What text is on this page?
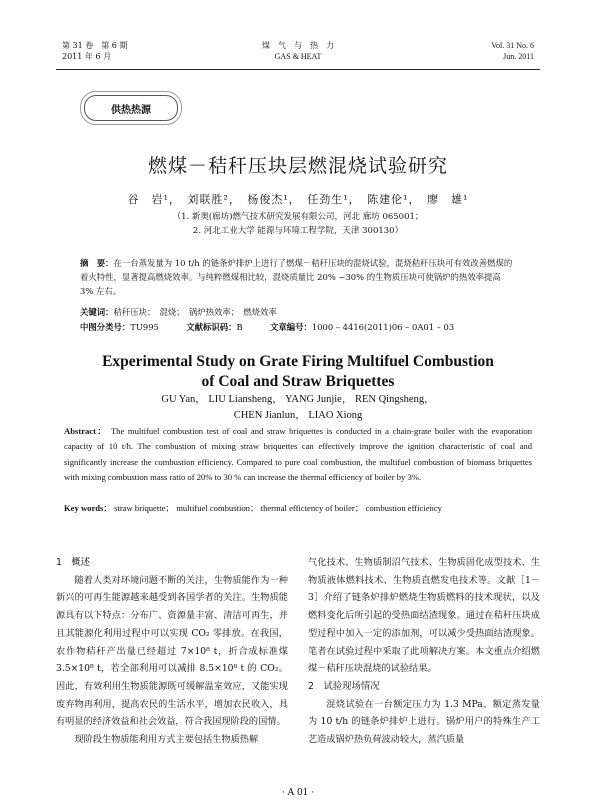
第 31 卷　第 6 期
2011 年 6 月
煤　气　与　热　力
GAS & HEAT
Vol. 31 No. 6
Jun. 2011
供热热源
燃煤－秸秆压块层燃混烧试验研究
谷　岩¹，　刘联胜²，　杨俊杰¹，　任劲生¹，　陈建伦¹，　廖　雄¹
（1. 新奥(廊坊)燃气技术研究发展有限公司，河北 廊坊 065001；
2. 河北工业大学 能源与环境工程学院，天津 300130）
摘　要：在一台蒸发量为 10 t/h 的链条炉排炉上进行了燃煤－秸秆压块的混烧试验，混烧秸秆压块可有效改善燃煤的着火特性，显著提高燃烧效率。与纯粹燃煤相比较，混烧质量比 20% ~30% 的生物质压块可使锅炉的热效率提高 3% 左右。
关键词：秸秆压块；　混烧；　锅炉热效率；　燃烧效率
中图分类号：TU995	文献标识码：B	文章编号：1000 – 4416(2011)06 – 0A01 – 03
Experimental Study on Grate Firing Multifuel Combustion
of Coal and Straw Briquettes
GU Yan， LIU Liansheng， YANG Junjie， REN Qingsheng，
CHEN Jianlun， LIAO Xiong
Abstract： The multifuel combustion test of coal and straw briquettes is conducted in a chain-grate boiler with the evaporation capacity of 10 t/h. The combustion of mixing straw briquettes can effectively improve the ignition characteristic of coal and significantly increase the combustion efficiency. Compared to pure coal combustion, the multifuel combustion of biomass briquettes with mixing combustion mass ratio of 20% to 30 % can increase the thermal efficiency of boiler by 3%.
Key words： straw briquette； multifuel combustion； thermal efficiency of boiler； combustion efficiency

1　概述

随着人类对环境问题不断的关注，生物质能作为一种新兴的可再生能源越来越受到各国学者的关注。生物质能源具有以下特点：分布广、资源量丰富、清洁可再生，并且其能源化利用过程中可以实现 CO₂ 零排放。在我国，农作物秸秆产出量已经超过 7×10⁸ t，折合成标准煤 3.5×10⁸ t，若全部利用可以减排 8.5×10⁸ t 的 CO₂。因此，有效利用生物质能源既可缓解温室效应，又能实现废弃物再利用，提高农民的生活水平，增加农民收入，具有明显的经济效益和社会效益，符合我国现阶段的国情。

现阶段生物质能利用方式主要包括生物质热解

气化技术、生物质制沼气技术、生物质固化成型技术、生物质液体燃料技术、生物质直燃发电技术等。文献［1－3］介绍了链条炉排炉燃烧生物质燃料的技术现状，以及燃料变化后所引起的受热面结渣现象。通过在秸秆压块成型过程中加入一定的添加剂，可以减少受热面结渣现象。笔者在试验过程中采取了此项解决方案。本文重点介绍燃煤－秸秆压块混烧的试验结果。

2　试验现场情况

混烧试验在一台额定压力为 1.3 MPa、额定蒸发量为 10 t/h 的链条炉排炉上进行。锅炉用户的特殊生产工艺造成锅炉热负荷波动较大，蒸汽质量

· A 01 ·
